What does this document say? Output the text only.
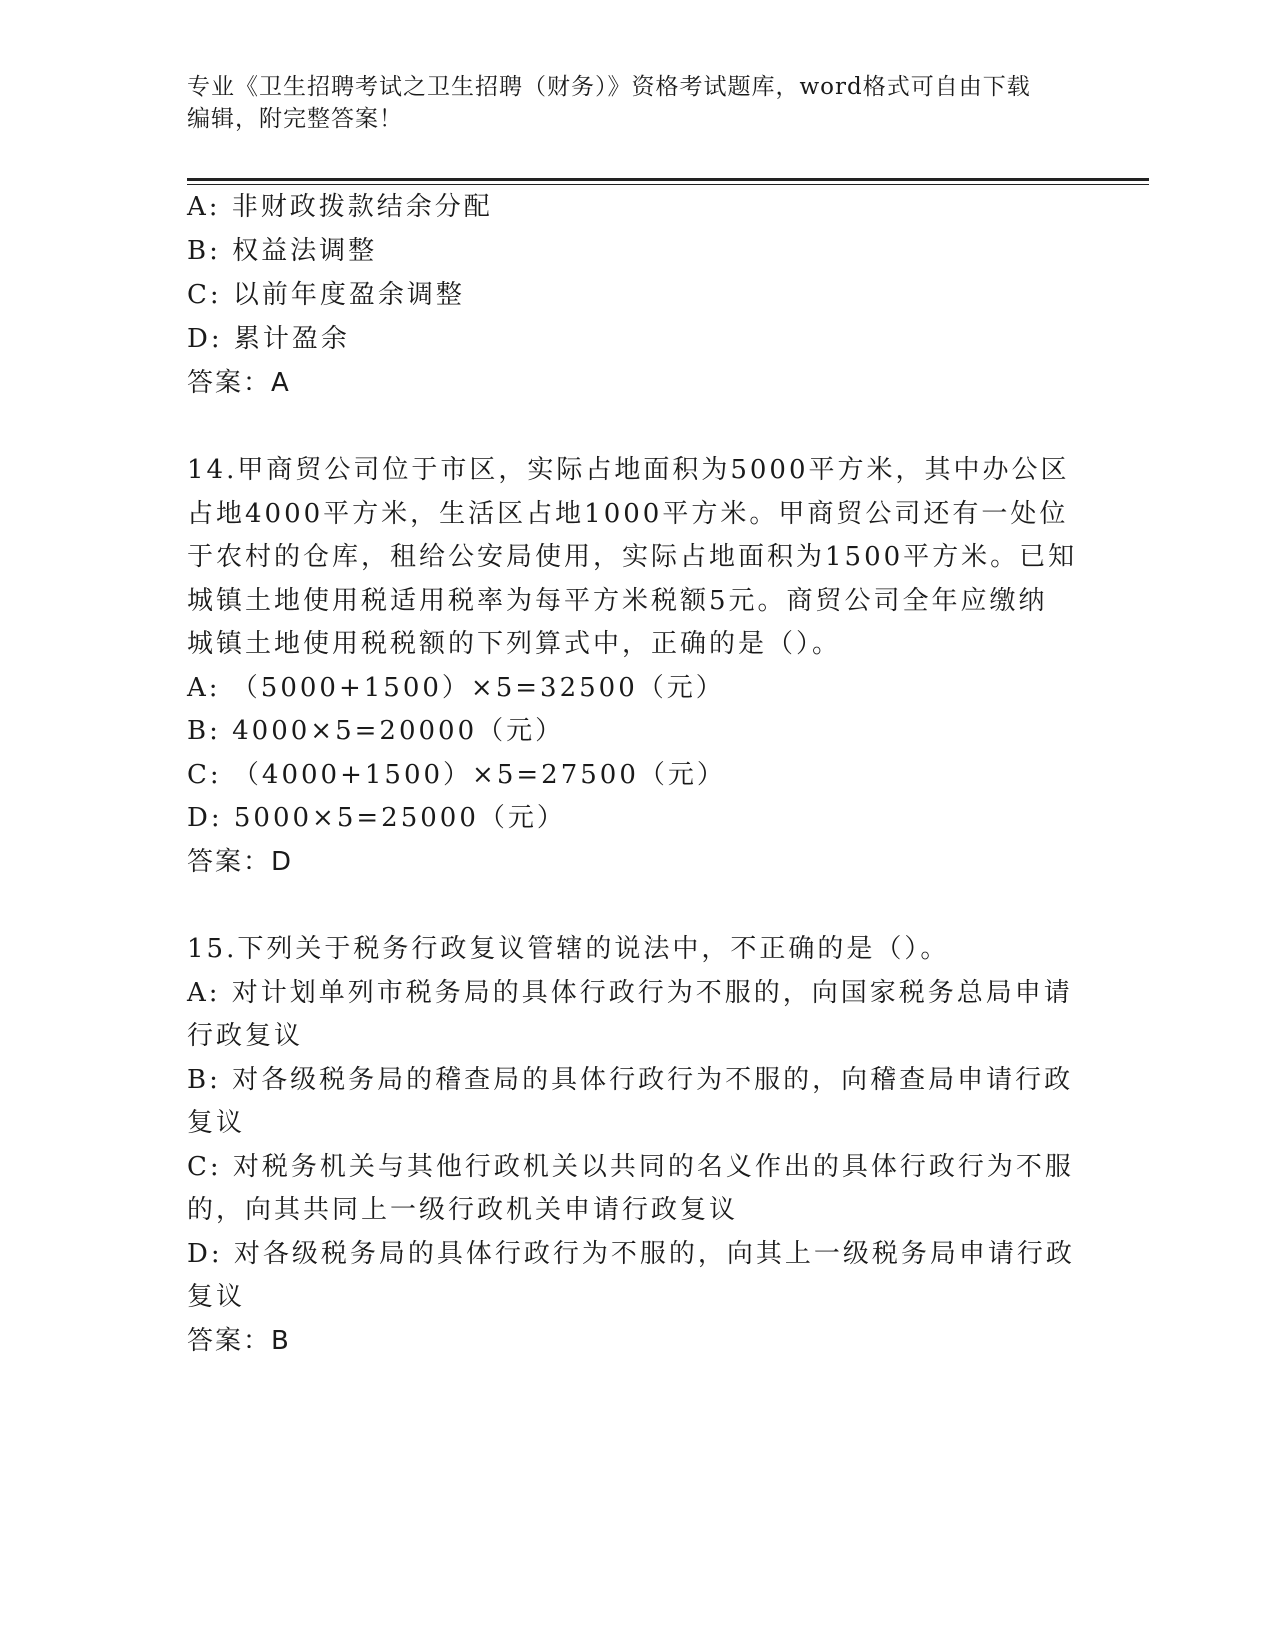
专业《卫生招聘考试之卫生招聘（财务）》资格考试题库，word格式可自由下载
编辑，附完整答案！
A: 非财政拨款结余分配
B: 权益法调整
C: 以前年度盈余调整
D: 累计盈余
答案：A
14.甲商贸公司位于市区，实际占地面积为5000平方米，其中办公区
占地4000平方米，生活区占地1000平方米。甲商贸公司还有一处位
于农村的仓库，租给公安局使用，实际占地面积为1500平方米。已知
城镇土地使用税适用税率为每平方米税额5元。商贸公司全年应缴纳
城镇土地使用税税额的下列算式中，正确的是（）。
A: （5000+1500）×5=32500（元）
B: 4000×5=20000（元）
C: （4000+1500）×5=27500（元）
D: 5000×5=25000（元）
答案：D
15.下列关于税务行政复议管辖的说法中，不正确的是（）。
A: 对计划单列市税务局的具体行政行为不服的，向国家税务总局申请
行政复议
B: 对各级税务局的稽查局的具体行政行为不服的，向稽查局申请行政
复议
C: 对税务机关与其他行政机关以共同的名义作出的具体行政行为不服
的，向其共同上一级行政机关申请行政复议
D: 对各级税务局的具体行政行为不服的，向其上一级税务局申请行政
复议
答案：B
